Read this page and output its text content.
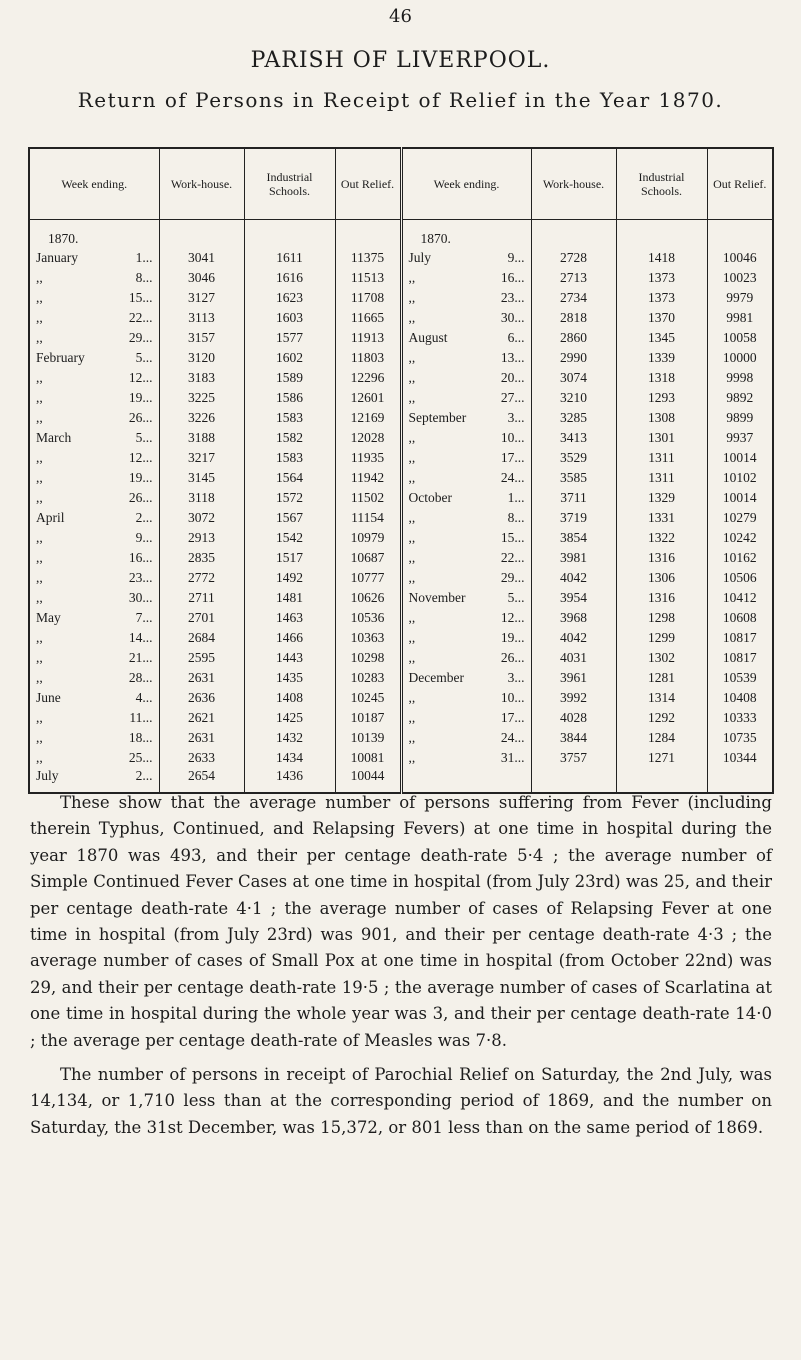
46
PARISH OF LIVERPOOL.
Return of Persons in Receipt of Relief in the Year 1870.
Week ending.	Work-house.	Industrial Schools.	Out Relief.	Week ending.	Work-house.	Industrial Schools.	Out Relief.
1870.				1870.			

January 1...	3041	1611	11375	July 9...	2728	1418	10046

,, 8...	3046	1616	11513	,, 16...	2713	1373	10023

,, 15...	3127	1623	11708	,, 23...	2734	1373	9979

,, 22...	3113	1603	11665	,, 30...	2818	1370	9981

,, 29...	3157	1577	11913	August 6...	2860	1345	10058

February 5...	3120	1602	11803	,, 13...	2990	1339	10000

,, 12...	3183	1589	12296	,, 20...	3074	1318	9998

,, 19...	3225	1586	12601	,, 27...	3210	1293	9892

,, 26...	3226	1583	12169	September 3...	3285	1308	9899

March 5...	3188	1582	12028	,, 10...	3413	1301	9937

,, 12...	3217	1583	11935	,, 17...	3529	1311	10014

,, 19...	3145	1564	11942	,, 24...	3585	1311	10102

,, 26...	3118	1572	11502	October 1...	3711	1329	10014

April 2...	3072	1567	11154	,, 8...	3719	1331	10279

,, 9...	2913	1542	10979	,, 15...	3854	1322	10242

,, 16...	2835	1517	10687	,, 22...	3981	1316	10162

,, 23...	2772	1492	10777	,, 29...	4042	1306	10506

,, 30...	2711	1481	10626	November 5...	3954	1316	10412

May 7...	2701	1463	10536	,, 12...	3968	1298	10608

,, 14...	2684	1466	10363	,, 19...	4042	1299	10817

,, 21...	2595	1443	10298	,, 26...	4031	1302	10817

,, 28...	2631	1435	10283	December 3...	3961	1281	10539

June 4...	2636	1408	10245	,, 10...	3992	1314	10408

,, 11...	2621	1425	10187	,, 17...	4028	1292	10333

,, 18...	2631	1432	10139	,, 24...	3844	1284	10735

,, 25...	2633	1434	10081	,, 31...	3757	1271	10344

July 2...	2654	1436	10044				

These show that the average number of persons suffering from Fever (including therein Typhus, Continued, and Relapsing Fevers) at one time in hospital during the year 1870 was 493, and their per centage death-rate 5·4 ; the average number of Simple Continued Fever Cases at one time in hospital (from July 23rd) was 25, and their per centage death-rate 4·1 ; the average number of cases of Relapsing Fever at one time in hospital (from July 23rd) was 901, and their per centage death-rate 4·3 ; the average number of cases of Small Pox at one time in hospital (from October 22nd) was 29, and their per centage death-rate 19·5 ; the average number of cases of Scarlatina at one time in hospital during the whole year was 3, and their per centage death-rate 14·0 ; the average per centage death-rate of Measles was 7·8.

The number of persons in receipt of Parochial Relief on Saturday, the 2nd July, was 14,134, or 1,710 less than at the corresponding period of 1869, and the number on Saturday, the 31st December, was 15,372, or 801 less than on the same period of 1869.
